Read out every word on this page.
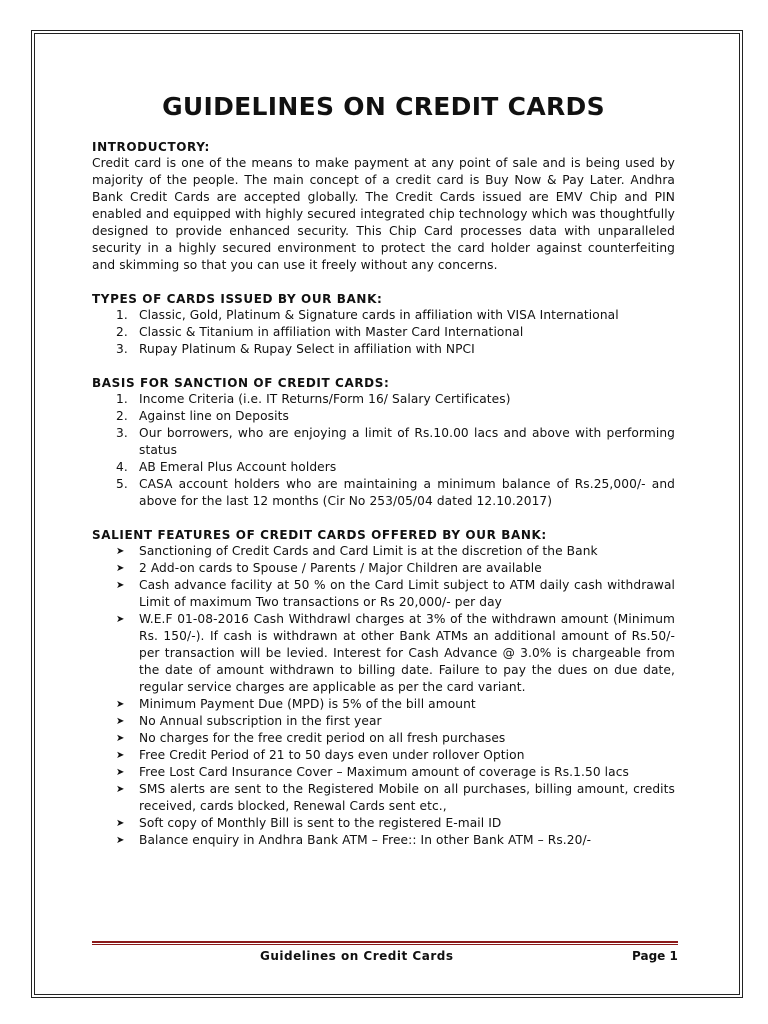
GUIDELINES ON CREDIT CARDS

INTRODUCTORY:

Credit card is one of the means to make payment at any point of sale and is being used by majority of the people. The main concept of a credit card is Buy Now & Pay Later. Andhra Bank Credit Cards are accepted globally. The Credit Cards issued are EMV Chip and PIN enabled and equipped with highly secured integrated chip technology which was thoughtfully designed to provide enhanced security. This Chip Card processes data with unparalleled security in a highly secured environment to protect the card holder against counterfeiting and skimming so that you can use it freely without any concerns.

TYPES OF CARDS ISSUED BY OUR BANK:

1. Classic, Gold, Platinum & Signature cards in affiliation with VISA International
2. Classic & Titanium in affiliation with Master Card International
3. Rupay Platinum & Rupay Select in affiliation with NPCI

BASIS FOR SANCTION OF CREDIT CARDS:

1. Income Criteria (i.e. IT Returns/Form 16/ Salary Certificates)
2. Against line on Deposits
3. Our borrowers, who are enjoying a limit of Rs.10.00 lacs and above with performing status
4. AB Emeral Plus Account holders
5. CASA account holders who are maintaining a minimum balance of Rs.25,000/- and above for the last 12 months (Cir No 253/05/04 dated 12.10.2017)

SALIENT FEATURES OF CREDIT CARDS OFFERED BY OUR BANK:

➤ Sanctioning of Credit Cards and Card Limit is at the discretion of the Bank
➤ 2 Add-on cards to Spouse / Parents / Major Children are available
➤ Cash advance facility at 50 % on the Card Limit subject to ATM daily cash withdrawal Limit of maximum Two transactions or Rs 20,000/- per day
➤ W.E.F 01-08-2016 Cash Withdrawl charges at 3% of the withdrawn amount (Minimum Rs. 150/-). If cash is withdrawn at other Bank ATMs an additional amount of Rs.50/- per transaction will be levied. Interest for Cash Advance @ 3.0% is chargeable from the date of amount withdrawn to billing date. Failure to pay the dues on due date, regular service charges are applicable as per the card variant.
➤ Minimum Payment Due (MPD) is 5% of the bill amount
➤ No Annual subscription in the first year
➤ No charges for the free credit period on all fresh purchases
➤ Free Credit Period of 21 to 50 days even under rollover Option
➤ Free Lost Card Insurance Cover – Maximum amount of coverage is Rs.1.50 lacs
➤ SMS alerts are sent to the Registered Mobile on all purchases, billing amount, credits received, cards blocked, Renewal Cards sent etc.,
➤ Soft copy of Monthly Bill is sent to the registered E-mail ID
➤ Balance enquiry in Andhra Bank ATM – Free:: In other Bank ATM – Rs.20/-
Guidelines on Credit Cards	Page 1
